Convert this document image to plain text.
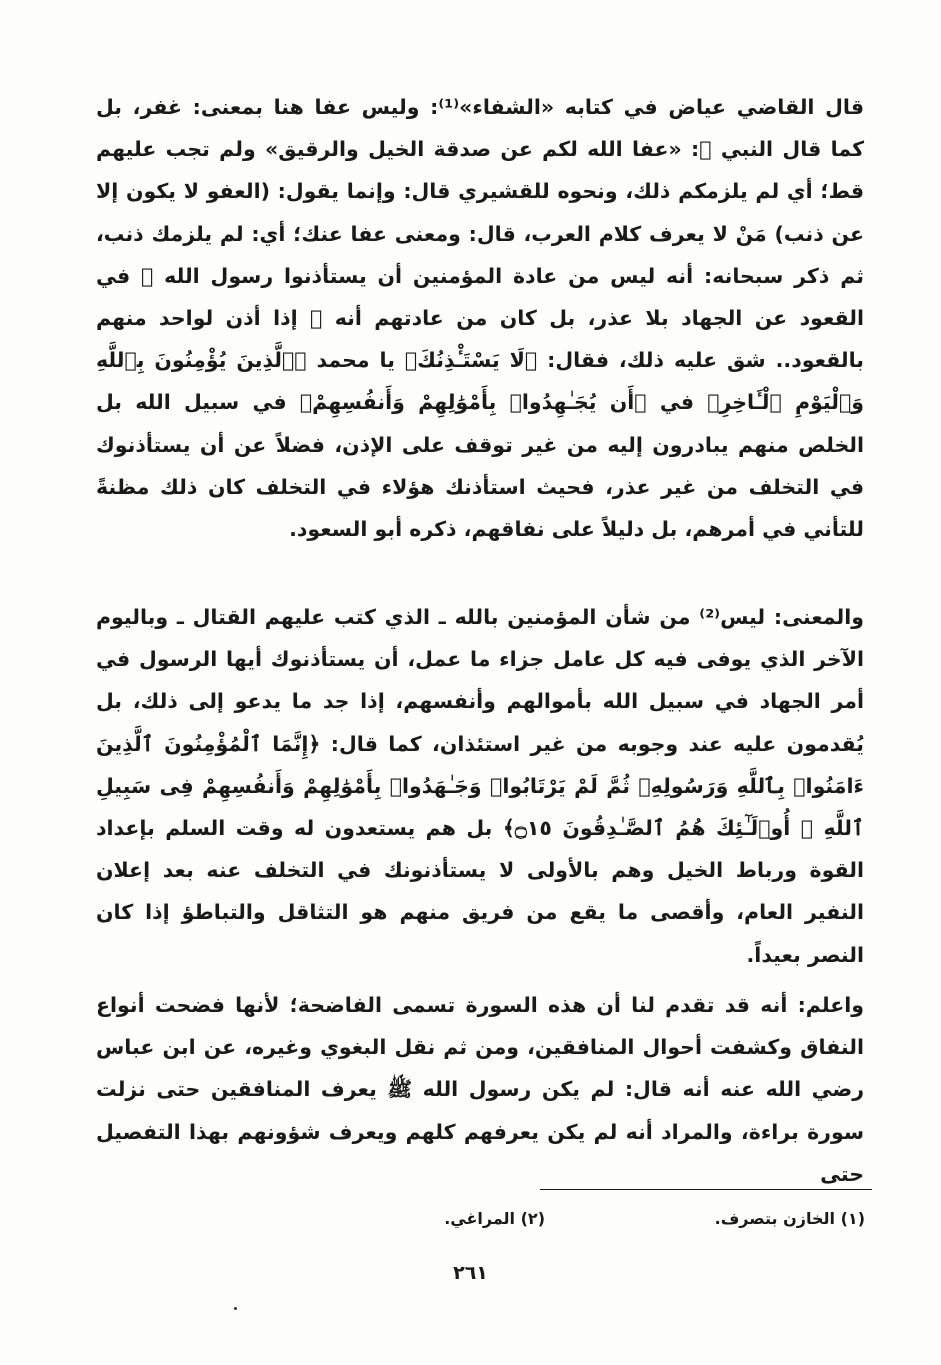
قال القاضي عياض في كتابه «الشفاء»⁽¹⁾: وليس عفا هنا بمعنى: غفر، بل كما قال النبي ﷺ: «عفا الله لكم عن صدقة الخيل والرقيق» ولم تجب عليهم قط؛ أي لم يلزمكم ذلك، ونحوه للقشيري قال: وإنما يقول: (العفو لا يكون إلا عن ذنب) مَنْ لا يعرف كلام العرب، قال: ومعنى عفا عنك؛ أي: لم يلزمك ذنب، ثم ذكر سبحانه: أنه ليس من عادة المؤمنين أن يستأذنوا رسول الله ﷺ في القعود عن الجهاد بلا عذر، بل كان من عادتهم أنه ﷺ إذا أذن لواحد منهم بالقعود.. شق عليه ذلك، فقال: ﴿لَا يَسْتَـْٔذِنُكَ﴾ يا محمد ﴿ٱلَّذِينَ يُؤْمِنُونَ بِٱللَّهِ وَٱلْيَوْمِ ٱلْـَٔاخِرِ﴾ في ﴿أَن يُجَـٰهِدُوا۟ بِأَمْوَٰلِهِمْ وَأَنفُسِهِمْ﴾ في سبيل الله بل الخلص منهم يبادرون إليه من غير توقف على الإذن، فضلاً عن أن يستأذنوك في التخلف من غير عذر، فحيث استأذنك هؤلاء في التخلف كان ذلك مظنةً للتأني في أمرهم، بل دليلاً على نفاقهم، ذكره أبو السعود.
والمعنى: ليس⁽²⁾ من شأن المؤمنين بالله ـ الذي كتب عليهم القتال ـ وباليوم الآخر الذي يوفى فيه كل عامل جزاء ما عمل، أن يستأذنوك أيها الرسول في أمر الجهاد في سبيل الله بأموالهم وأنفسهم، إذا جد ما يدعو إلى ذلك، بل يُقدمون عليه عند وجوبه من غير استئذان، كما قال: ﴿إِنَّمَا ٱلْمُؤْمِنُونَ ٱلَّذِينَ ءَامَنُوا۟ بِٱللَّهِ وَرَسُولِهِۦ ثُمَّ لَمْ يَرْتَابُوا۟ وَجَـٰهَدُوا۟ بِأَمْوَٰلِهِمْ وَأَنفُسِهِمْ فِى سَبِيلِ ٱللَّهِ ۚ أُو۟لَـٰٓئِكَ هُمُ ٱلصَّـٰدِقُونَ ۝١٥﴾ بل هم يستعدون له وقت السلم بإعداد القوة ورباط الخيل وهم بالأولى لا يستأذنونك في التخلف عنه بعد إعلان النفير العام، وأقصى ما يقع من فريق منهم هو التثاقل والتباطؤ إذا كان النصر بعيداً.
واعلم: أنه قد تقدم لنا أن هذه السورة تسمى الفاضحة؛ لأنها فضحت أنواع النفاق وكشفت أحوال المنافقين، ومن ثم نقل البغوي وغيره، عن ابن عباس رضي الله عنه أنه قال: لم يكن رسول الله ﷺ يعرف المنافقين حتى نزلت سورة براءة، والمراد أنه لم يكن يعرفهم كلهم ويعرف شؤونهم بهذا التفصيل حتى
(١) الخازن بتصرف.
(٢) المراغي.
٢٦١
